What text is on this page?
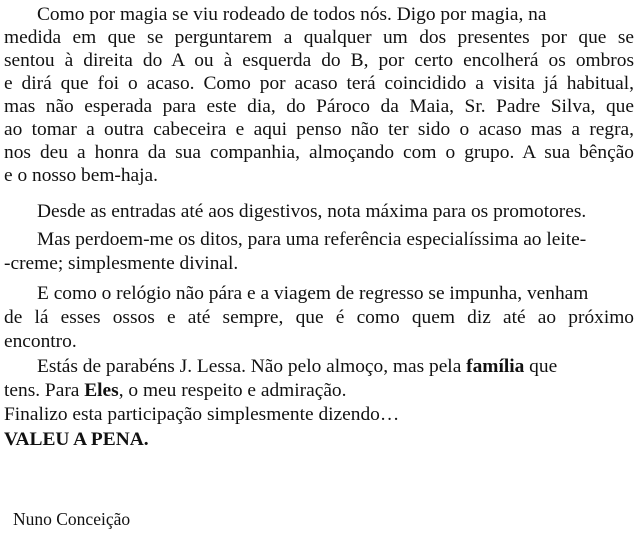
Como por magia se viu rodeado de todos nós. Digo por magia, na
medida em que se perguntarem a qualquer um dos presentes por que se
sentou à direita do A ou à esquerda do B, por certo encolherá os ombros
e dirá que foi o acaso. Como por acaso terá coincidido a visita já habitual,
mas não esperada para este dia, do Pároco da Maia, Sr. Padre Silva, que
ao tomar a outra cabeceira e aqui penso não ter sido o acaso mas a regra,
nos deu a honra da sua companhia, almoçando com o grupo. A sua bênção
e o nosso bem-haja.
Desde as entradas até aos digestivos, nota máxima para os promotores.
Mas perdoem-me os ditos, para uma referência especialíssima ao leite-
-creme; simplesmente divinal.
E como o relógio não pára e a viagem de regresso se impunha, venham
de lá esses ossos e até sempre, que é como quem diz até ao próximo
encontro.
Estás de parabéns J. Lessa. Não pelo almoço, mas pela família que
tens. Para Eles, o meu respeito e admiração.
Finalizo esta participação simplesmente dizendo…
VALEU A PENA.
Nuno Conceição
